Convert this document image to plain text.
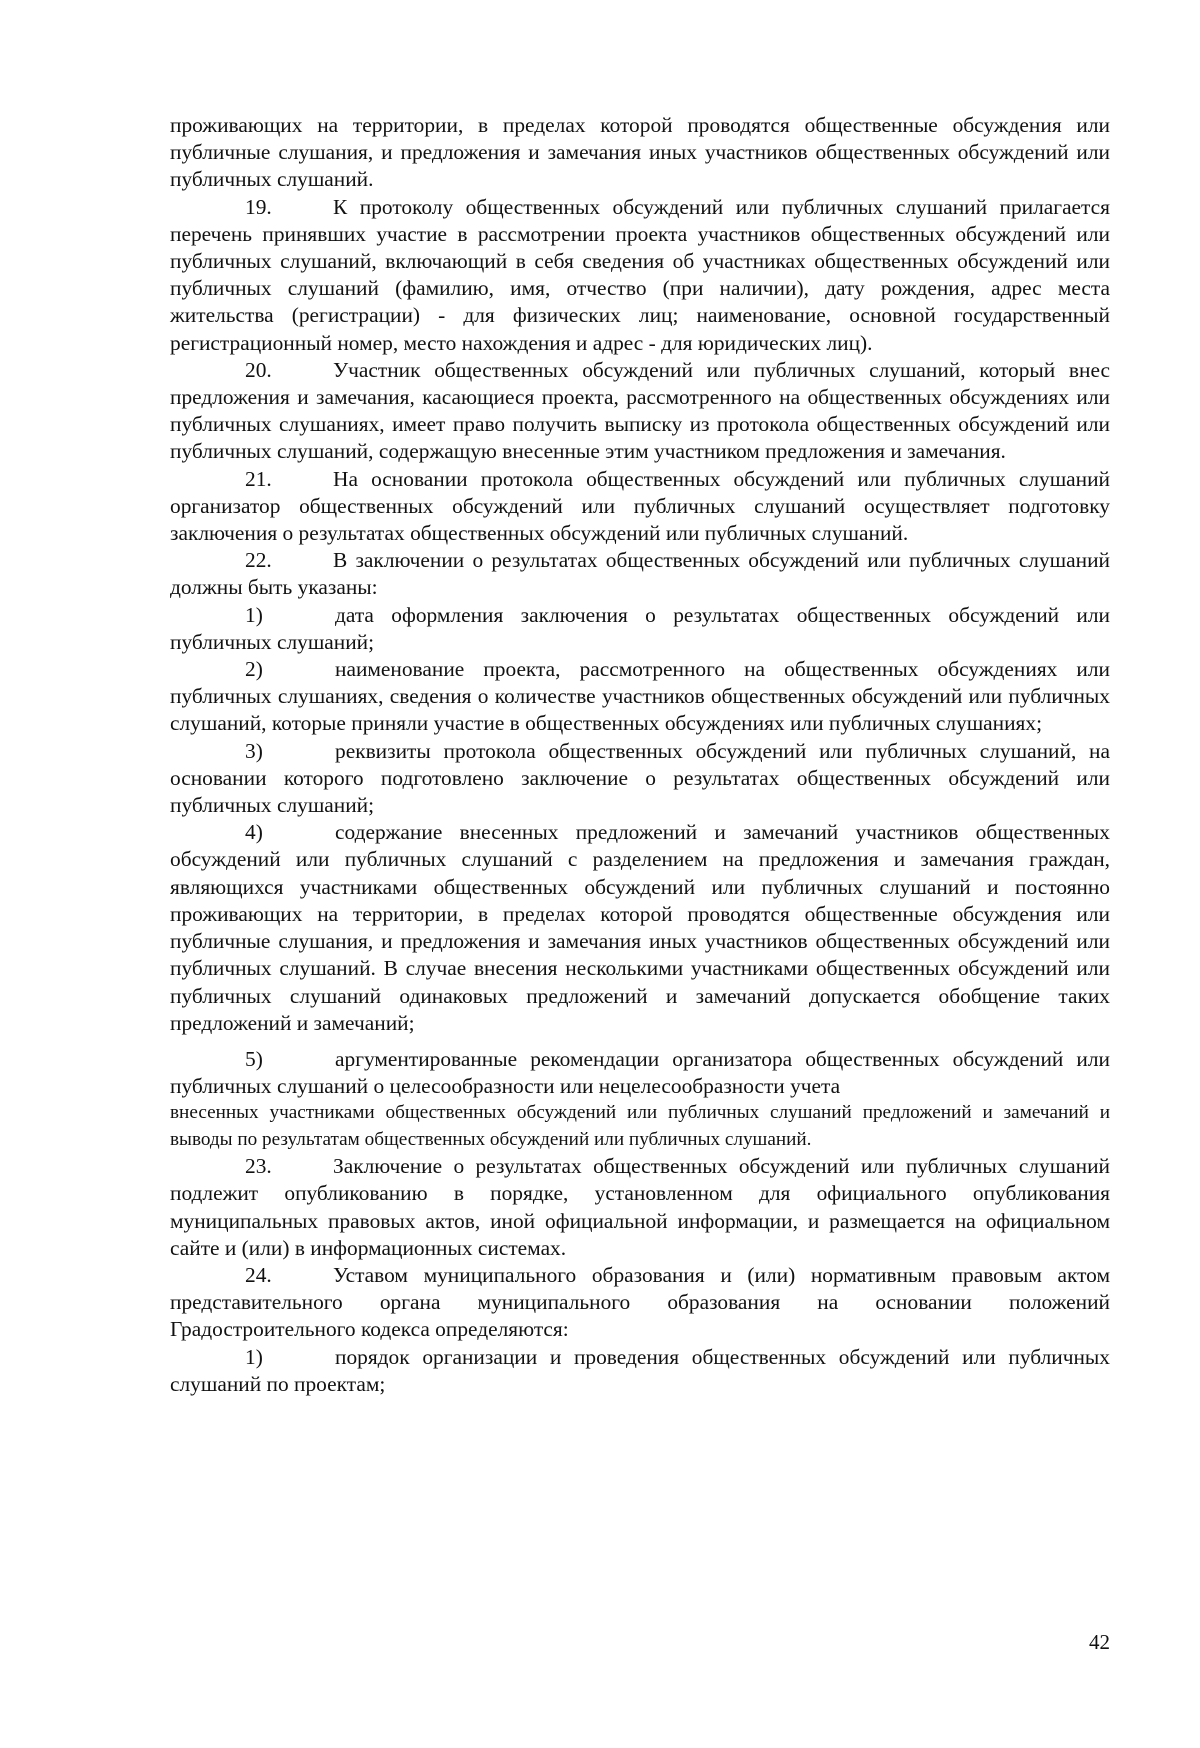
проживающих на территории, в пределах которой проводятся общественные обсуждения или публичные слушания, и предложения и замечания иных участников общественных обсуждений или публичных слушаний.

19.	К протоколу общественных обсуждений или публичных слушаний прилагается перечень принявших участие в рассмотрении проекта участников общественных обсуждений или публичных слушаний, включающий в себя сведения об участниках общественных обсуждений или публичных слушаний (фамилию, имя, отчество (при наличии), дату рождения, адрес места жительства (регистрации) - для физических лиц; наименование, основной государственный регистрационный номер, место нахождения и адрес - для юридических лиц).

20.	Участник общественных обсуждений или публичных слушаний, который внес предложения и замечания, касающиеся проекта, рассмотренного на общественных обсуждениях или публичных слушаниях, имеет право получить выписку из протокола общественных обсуждений или публичных слушаний, содержащую внесенные этим участником предложения и замечания.

21.	На основании протокола общественных обсуждений или публичных слушаний организатор общественных обсуждений или публичных слушаний осуществляет подготовку заключения о результатах общественных обсуждений или публичных слушаний.

22.	В заключении о результатах общественных обсуждений или публичных слушаний должны быть указаны:

1)	дата оформления заключения о результатах общественных обсуждений или публичных слушаний;

2)	наименование проекта, рассмотренного на общественных обсуждениях или публичных слушаниях, сведения о количестве участников общественных обсуждений или публичных слушаний, которые приняли участие в общественных обсуждениях или публичных слушаниях;

3)	реквизиты протокола общественных обсуждений или публичных слушаний, на основании которого подготовлено заключение о результатах общественных обсуждений или публичных слушаний;

4)	содержание внесенных предложений и замечаний участников общественных обсуждений или публичных слушаний с разделением на предложения и замечания граждан, являющихся участниками общественных обсуждений или публичных слушаний и постоянно проживающих на территории, в пределах которой проводятся общественные обсуждения или публичные слушания, и предложения и замечания иных участников общественных обсуждений или публичных слушаний. В случае внесения несколькими участниками общественных обсуждений или публичных слушаний одинаковых предложений и замечаний допускается обобщение таких предложений и замечаний;

5)	аргументированные рекомендации организатора общественных обсуждений или публичных слушаний о целесообразности или нецелесообразности учета

внесенных участниками общественных обсуждений или публичных слушаний предложений и замечаний и выводы по результатам общественных обсуждений или публичных слушаний.

23.	Заключение о результатах общественных обсуждений или публичных слушаний подлежит опубликованию в порядке, установленном для официального опубликования муниципальных правовых актов, иной официальной информации, и размещается на официальном сайте и (или) в информационных системах.

24.	Уставом муниципального образования и (или) нормативным правовым актом представительного органа муниципального образования на основании положений Градостроительного кодекса определяются:

1)	порядок организации и проведения общественных обсуждений или публичных слушаний по проектам;

42
